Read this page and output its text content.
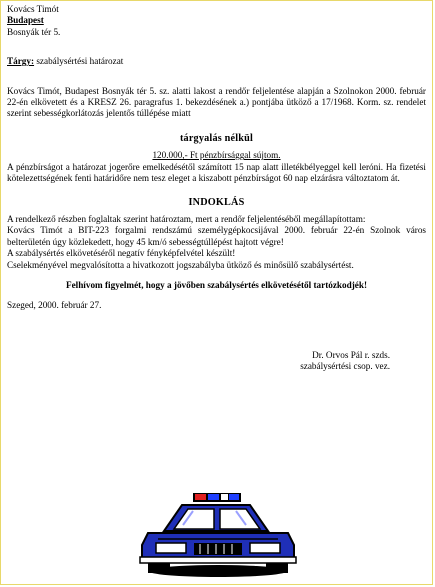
Kovács Timót
Budapest
Bosnyák tér 5.
Tárgy: szabálysértési határozat
Kovács Timót, Budapest Bosnyák tér 5. sz. alatti lakost a rendőr feljelentése alapján a Szolnokon 2000. február 22-én elkövetett és a KRESZ 26. paragrafus 1. bekezdésének a.) pontjába ütköző a 17/1968. Korm. sz. rendelet szerint sebességkorlátozás jelentős túllépése miatt
tárgyalás nélkül
120.000,- Ft pénzbírsággal sújtom.
A pénzbírságot a határozat jogerőre emelkedésétől számított 15 nap alatt illetékbélyeggel kell leróni. Ha fizetési kötelezettségének fenti határidőre nem tesz eleget a kiszabott pénzbírságot 60 nap elzárásra változtatom át.
INDOKLÁS
A rendelkező részben foglaltak szerint határoztam, mert a rendőr feljelentéséből megállapítottam:
Kovács Timót a BIT-223 forgalmi rendszámú személygépkocsijával 2000. február 22-én Szolnok város belterületén úgy közlekedett, hogy 45 km/ó sebességtúllépést hajtott végre!
A szabálysértés elkövetéséről negatív fényképfelvétel készült!
Cselekményével megvalósította a hivatkozott jogszabályba ütköző és minősülő szabálysértést.
Felhívom figyelmét, hogy a jövőben szabálysértés elkövetésétől tartózkodjék!
Szeged, 2000. február 27.
Dr. Orvos Pál r. szds.
szabálysértési csop. vez.
